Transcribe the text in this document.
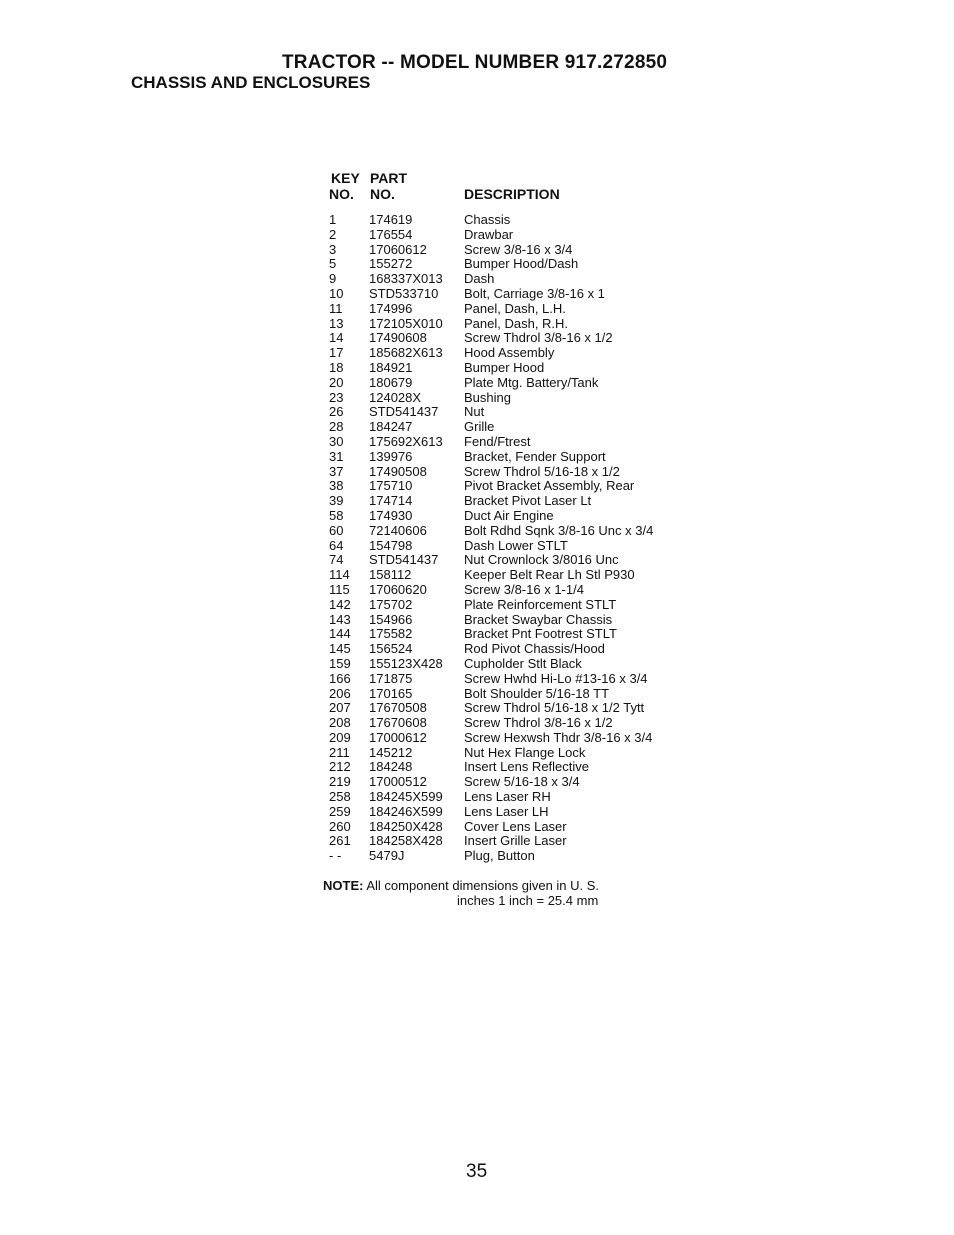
TRACTOR -- MODEL NUMBER 917.272850
CHASSIS AND ENCLOSURES
KEY
NO.
PART
NO.	DESCRIPTION
1	174619	Chassis
2	176554	Drawbar
3	17060612	Screw 3/8-16 x 3/4
5	155272	Bumper Hood/Dash
9	168337X013 Dash
10 STD533710 Bolt, Carriage 3/8-16 x 1
11 174996	Panel, Dash, L.H.
13 172105X010 Panel, Dash, R.H.
14 17490608	Screw Thdrol 3/8-16 x 1/2
17 185682X613 Hood Assembly
18 184921	Bumper Hood
20 180679	Plate Mtg. Battery/Tank
23 124028X	Bushing
26 STD541437 Nut
28 184247	Grille
30 175692X613 Fend/Ftrest
31 139976	Bracket, Fender Support
37 17490508	Screw Thdrol 5/16-18 x 1/2
38 175710	Pivot Bracket Assembly, Rear
39 174714	Bracket Pivot Laser Lt
58 174930	Duct Air Engine
60 72140606	Bolt Rdhd Sqnk 3/8-16 Unc x 3/4
64 154798	Dash Lower STLT
74 STD541437 Nut Crownlock 3/8016 Unc
114 158112	Keeper Belt Rear Lh Stl P930
115 17060620	Screw 3/8-16 x 1-1/4
142 175702	Plate Reinforcement STLT
143 154966	Bracket Swaybar Chassis
144 175582	Bracket Pnt Footrest STLT
145 156524	Rod Pivot Chassis/Hood
159 155123X428 Cupholder Stlt Black
166 171875	Screw Hwhd Hi-Lo #13-16 x 3/4
206 170165	Bolt Shoulder 5/16-18 TT
207 17670508	Screw Thdrol 5/16-18 x 1/2 Tytt
208 17670608	Screw Thdrol 3/8-16 x 1/2
209 17000612	Screw Hexwsh Thdr 3/8-16 x 3/4
211 145212	Nut Hex Flange Lock
212 184248	Insert Lens Reflective
219 17000512	Screw 5/16-18 x 3/4
258 184245X599 Lens Laser RH
259 184246X599 Lens Laser LH
260 184250X428 Cover Lens Laser
261 184258X428 Insert Grille Laser
- - 5479J	Plug, Button
NOTE: All component dimensions given in U. S.
inches 1 inch = 25.4 mm
35
